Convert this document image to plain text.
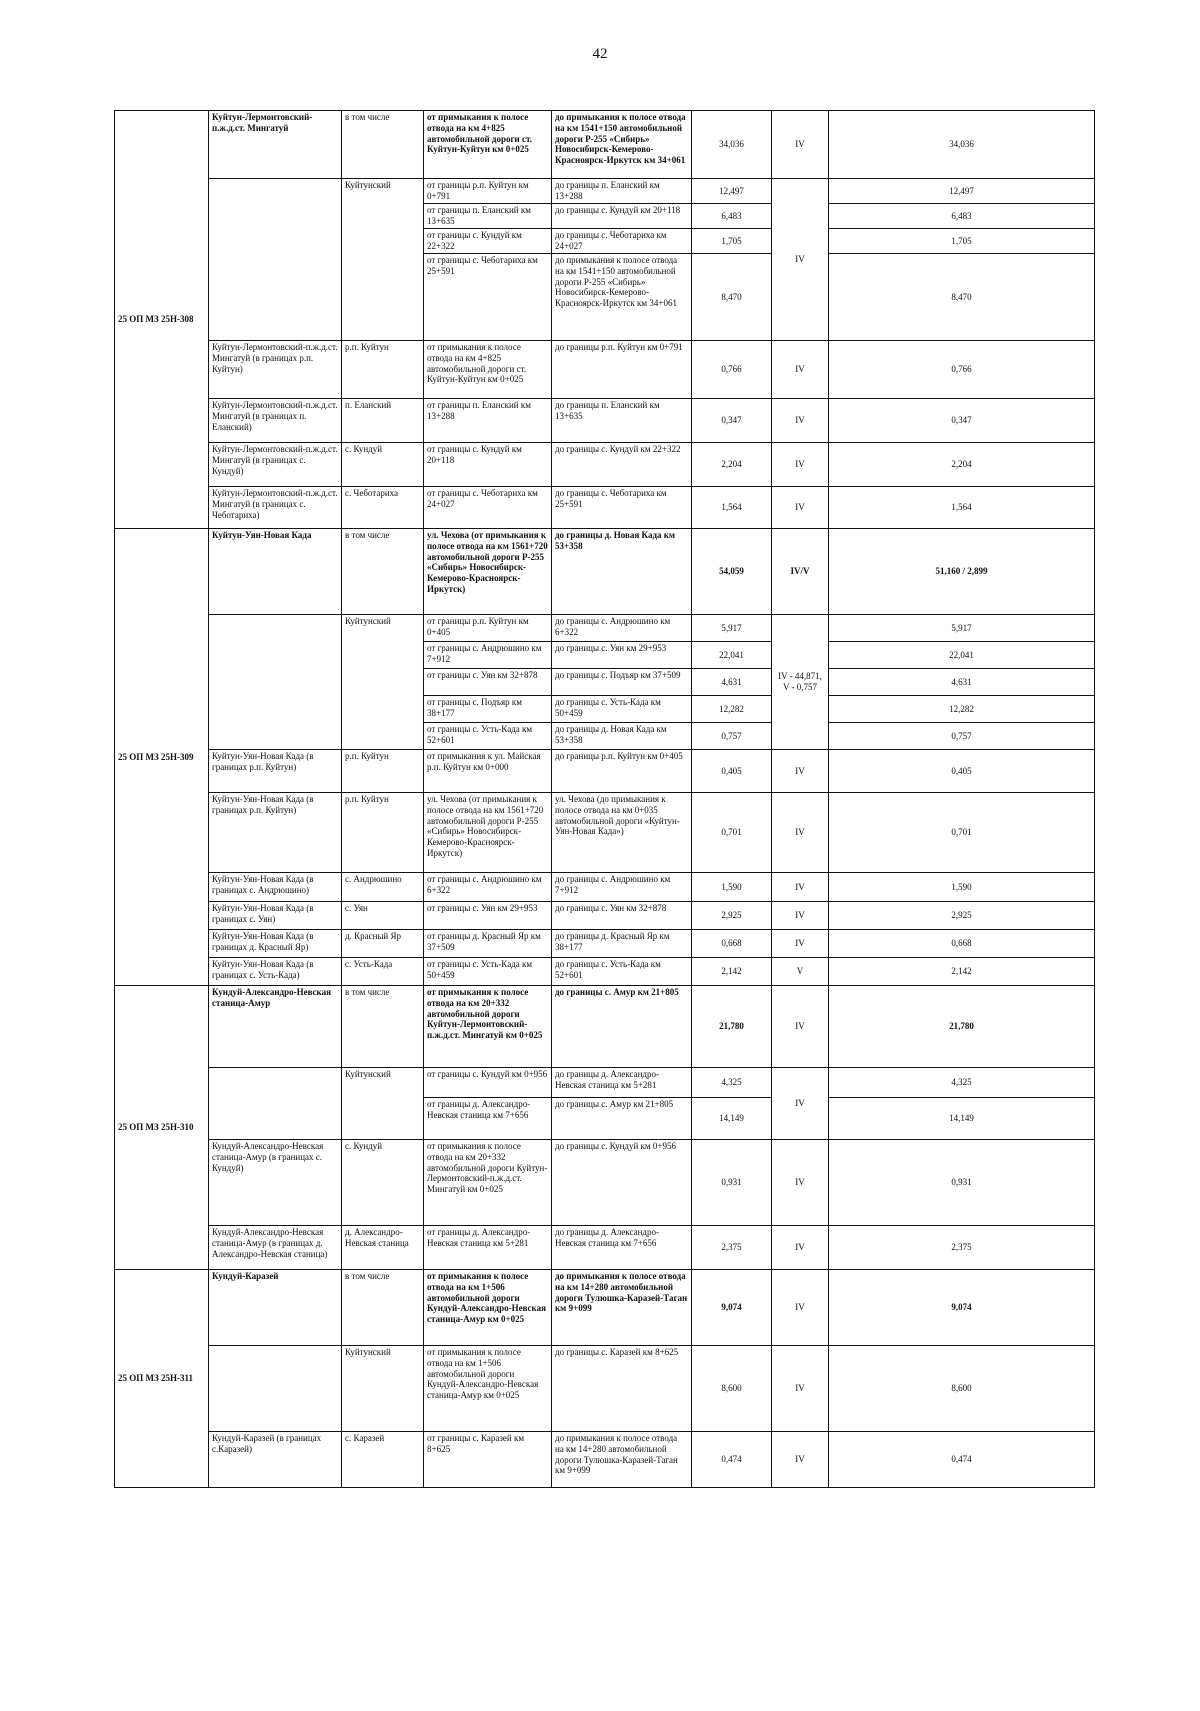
42
25 ОП МЗ 25Н-308	Куйтун-Лермонтовский-п.ж.д.ст. Мингатуй	в том числе	от примыкания к полосе отвода на км 4+825 автомобильной дороги ст. Куйтун-Куйтун км 0+025	до примыкания к полосе отвода на км 1541+150 автомобильной дороги Р-255 «Сибирь» Новосибирск-Кемерово-Красноярск-Иркутск км 34+061	34,036	IV	34,036
		Куйтунский	от границы р.п. Куйтун км 0+791	до границы п. Еланский км 13+288	12,497	IV	12,497
			от границы п. Еланский км 13+635	до границы с. Кундуй км 20+118	6,483		6,483
			от границы с. Кундуй км 22+322	до границы с. Чеботариха км 24+027	1,705		1,705
			от границы с. Чеботариха км 25+591	до примыкания к полосе отвода на км 1541+150 автомобильной дороги Р-255 «Сибирь» Новосибирск-Кемерово-Красноярск-Иркутск км 34+061	8,470		8,470
	Куйтун-Лермонтовский-п.ж.д.ст. Мингатуй (в границах р.п. Куйтун)	р.п. Куйтун	от примыкания к полосе отвода на км 4+825 автомобильной дороги ст. Куйтун-Куйтун км 0+025	до границы р.п. Куйтун км 0+791	0,766	IV	0,766
	Куйтун-Лермонтовский-п.ж.д.ст. Мингатуй (в границах п. Еланский)	п. Еланский	от границы п. Еланский км 13+288	до границы п. Еланский км 13+635	0,347	IV	0,347
	Куйтун-Лермонтовский-п.ж.д.ст. Мингатуй (в границах с. Кундуй)	с. Кундуй	от границы с. Кундуй км 20+118	до границы с. Кундуй км 22+322	2,204	IV	2,204
	Куйтун-Лермонтовский-п.ж.д.ст. Мингатуй (в границах с. Чеботариха)	с. Чеботариха	от границы с. Чеботариха км 24+027	до границы с. Чеботариха км 25+591	1,564	IV	1,564
25 ОП МЗ 25Н-309	Куйтун-Уян-Новая Када	в том числе	ул. Чехова (от примыкания к полосе отвода на км 1561+720 автомобильной дороги Р-255 «Сибирь» Новосибирск-Кемерово-Красноярск-Иркутск)	до границы д. Новая Када км 53+358	54,059	IV/V	51,160 / 2,899
		Куйтунский	от границы р.п. Куйтун км 0+405	до границы с. Андрюшино км 6+322	5,917	IV - 44,871, V - 0,757	5,917
			от границы с. Андрюшино км 7+912	до границы с. Уян км 29+953	22,041		22,041
			от границы с. Уян км 32+878	до границы с. Подъяр км 37+509	4,631		4,631
			от границы с. Подъяр км 38+177	до границы с. Усть-Када км 50+459	12,282		12,282
			от границы с. Усть-Када км 52+601	до границы д. Новая Када км 53+358	0,757		0,757
	Куйтун-Уян-Новая Када (в границах р.п. Куйтун)	р.п. Куйтун	от примыкания к ул. Майская р.п. Куйтун км 0+000	до границы р.п. Куйтун км 0+405	0,405	IV	0,405
	Куйтун-Уян-Новая Када (в границах р.п. Куйтун)	р.п. Куйтун	ул. Чехова (от примыкания к полосе отвода на км 1561+720 автомобильной дороги Р-255 «Сибирь» Новосибирск-Кемерово-Красноярск-Иркутск)	ул. Чехова (до примыкания к полосе отвода на км 0+035 автомобильной дороги «Куйтун-Уян-Новая Када»)	0,701	IV	0,701
	Куйтун-Уян-Новая Када (в границах с. Андрюшино)	с. Андрюшино	от границы с. Андрюшино км 6+322	до границы с. Андрюшино км 7+912	1,590	IV	1,590
	Куйтун-Уян-Новая Када (в границах с. Уян)	с. Уян	от границы с. Уян км 29+953	до границы с. Уян км 32+878	2,925	IV	2,925
	Куйтун-Уян-Новая Када (в границах д. Красный Яр)	д. Красный Яр	от границы д. Красный Яр км 37+509	до границы д. Красный Яр км 38+177	0,668	IV	0,668
	Куйтун-Уян-Новая Када (в границах с. Усть-Када)	с. Усть-Када	от границы с. Усть-Када км 50+459	до границы с. Усть-Када км 52+601	2,142	V	2,142
25 ОП МЗ 25Н-310	Кундуй-Александро-Невская станица-Амур	в том числе	от примыкания к полосе отвода на км 20+332 автомобильной дороги Куйтун-Лермонтовский-п.ж.д.ст. Мингатуй км 0+025	до границы с. Амур км 21+805	21,780	IV	21,780
		Куйтунский	от границы с. Кундуй км 0+956	до границы д. Александро-Невская станица км 5+281	4,325	IV	4,325
			от границы д. Александро-Невская станица км 7+656	до границы с. Амур км 21+805	14,149		14,149
	Кундуй-Александро-Невская станица-Амур (в границах с. Кундуй)	с. Кундуй	от примыкания к полосе отвода на км 20+332 автомобильной дороги Куйтун-Лермонтовский-п.ж.д.ст. Мингатуй км 0+025	до границы с. Кундуй км 0+956	0,931	IV	0,931
	Кундуй-Александро-Невская станица-Амур (в границах д. Александро-Невская станица)	д. Александро-Невская станица	от границы д. Александро-Невская станица км 5+281	до границы д. Александро-Невская станица км 7+656	2,375	IV	2,375
25 ОП МЗ 25Н-311	Кундуй-Каразей	в том числе	от примыкания к полосе отвода на км 1+506 автомобильной дороги Кундуй-Александро-Невская станица-Амур км 0+025	до примыкания к полосе отвода на км 14+280 автомобильной дороги Тулюшка-Каразей-Таган км 9+099	9,074	IV	9,074
		Куйтунский	от примыкания к полосе отвода на км 1+506 автомобильной дороги Кундуй-Александро-Невская станица-Амур км 0+025	до границы с. Каразей км 8+625	8,600	IV	8,600
	Кундуй-Каразей (в границах с.Каразей)	с. Каразей	от границы с. Каразей км 8+625	до примыкания к полосе отвода на км 14+280 автомобильной дороги Тулюшка-Каразей-Таган км 9+099	0,474	IV	0,474
